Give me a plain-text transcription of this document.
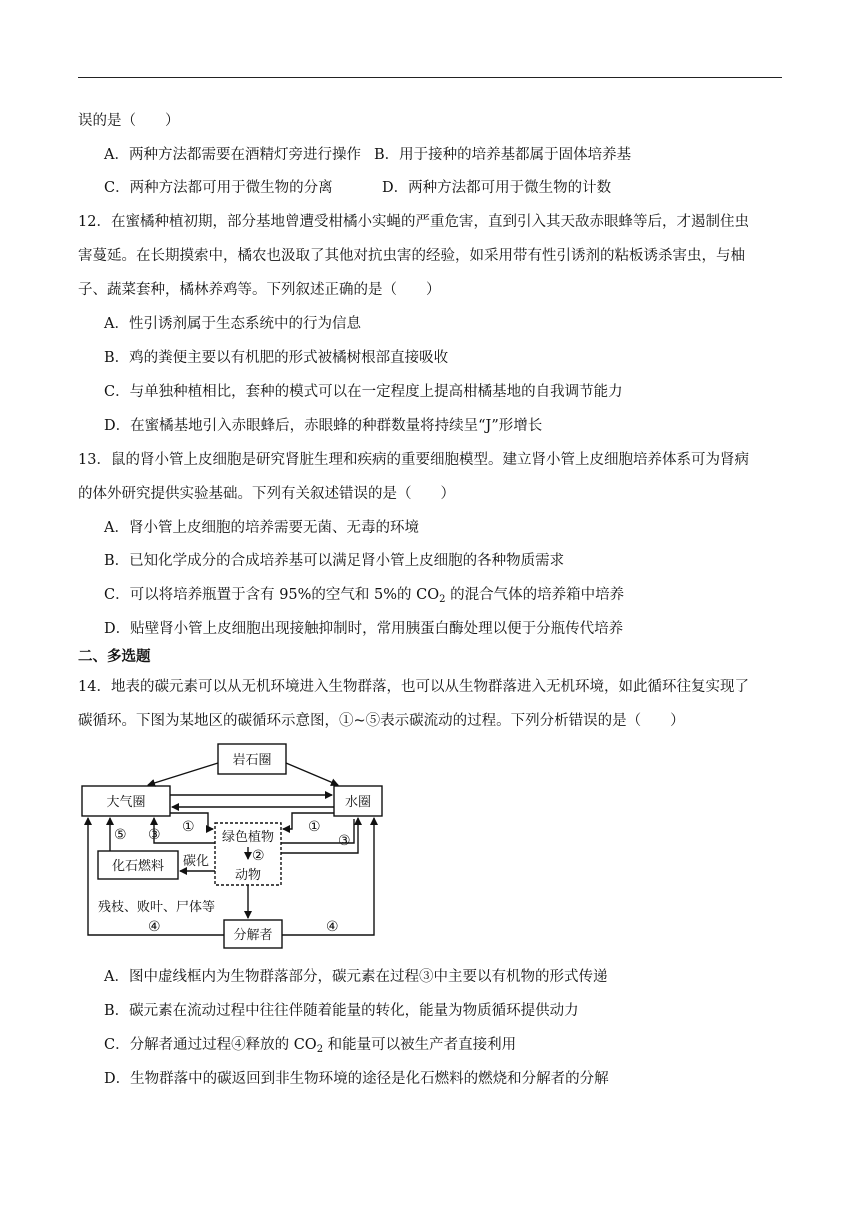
误的是（　　）
A．两种方法都需要在酒精灯旁进行操作 B．用于接种的培养基都属于固体培养基
C．两种方法都可用于微生物的分离	D．两种方法都可用于微生物的计数
12．在蜜橘种植初期，部分基地曾遭受柑橘小实蝇的严重危害，直到引入其天敌赤眼蜂等后，才遏制住虫
害蔓延。在长期摸索中，橘农也汲取了其他对抗虫害的经验，如采用带有性引诱剂的粘板诱杀害虫，与柚
子、蔬菜套种，橘林养鸡等。下列叙述正确的是（　　）
A．性引诱剂属于生态系统中的行为信息
B．鸡的粪便主要以有机肥的形式被橘树根部直接吸收
C．与单独种植相比，套种的模式可以在一定程度上提高柑橘基地的自我调节能力
D．在蜜橘基地引入赤眼蜂后，赤眼蜂的种群数量将持续呈“J”形增长
13．鼠的肾小管上皮细胞是研究肾脏生理和疾病的重要细胞模型。建立肾小管上皮细胞培养体系可为肾病
的体外研究提供实验基础。下列有关叙述错误的是（　　）
A．肾小管上皮细胞的培养需要无菌、无毒的环境
B．已知化学成分的合成培养基可以满足肾小管上皮细胞的各种物质需求
C．可以将培养瓶置于含有 95%的空气和 5%的 $CO_2$ 的混合气体的培养箱中培养
D．贴壁肾小管上皮细胞出现接触抑制时，常用胰蛋白酶处理以便于分瓶传代培养
二、多选题
14．地表的碳元素可以从无机环境进入生物群落，也可以从生物群落进入无机环境，如此循环往复实现了
碳循环。下图为某地区的碳循环示意图，①~⑤表示碳流动的过程。下列分析错误的是（　　）
岩石圈
大气圈	水圈
绿色植物
动物
化石燃料 碳化
残枝、败叶、尸体等
分解者
①	①
②
③	③
④	④
⑤
A．图中虚线框内为生物群落部分，碳元素在过程③中主要以有机物的形式传递
B．碳元素在流动过程中往往伴随着能量的转化，能量为物质循环提供动力
C．分解者通过过程④释放的 $CO_2$ 和能量可以被生产者直接利用
D．生物群落中的碳返回到非生物环境的途径是化石燃料的燃烧和分解者的分解
